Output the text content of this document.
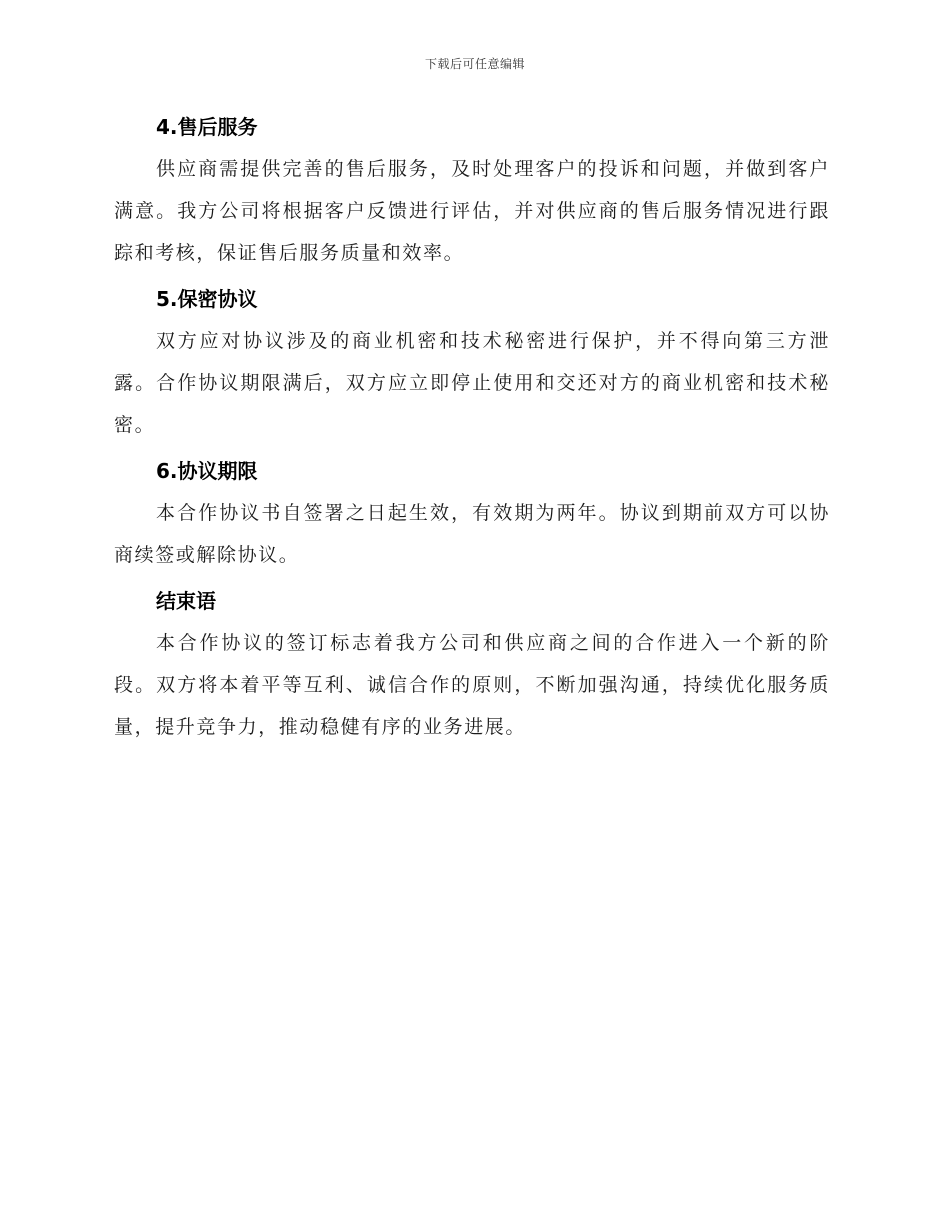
下载后可任意编辑
4.售后服务

供应商需提供完善的售后服务，及时处理客户的投诉和问题，并做到客户满意。我方公司将根据客户反馈进行评估，并对供应商的售后服务情况进行跟踪和考核，保证售后服务质量和效率。

5.保密协议

双方应对协议涉及的商业机密和技术秘密进行保护，并不得向第三方泄露。合作协议期限满后，双方应立即停止使用和交还对方的商业机密和技术秘密。

6.协议期限

本合作协议书自签署之日起生效，有效期为两年。协议到期前双方可以协商续签或解除协议。

结束语

本合作协议的签订标志着我方公司和供应商之间的合作进入一个新的阶段。双方将本着平等互利、诚信合作的原则，不断加强沟通，持续优化服务质量，提升竞争力，推动稳健有序的业务进展。
